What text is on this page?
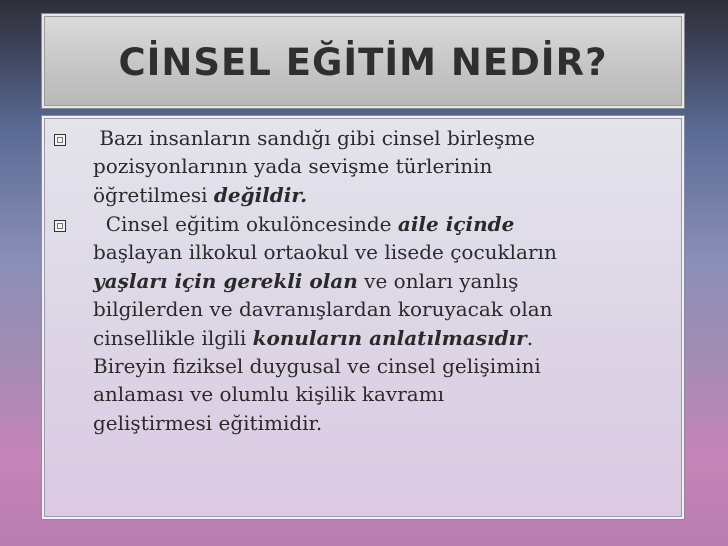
CİNSEL EĞİTİM NEDİR?

Bazı insanların sandığı gibi cinsel birleşme
pozisyonlarının yada sevişme türlerinin
öğretilmesi değildir.

Cinsel eğitim okulöncesinde aile içinde
başlayan ilkokul ortaokul ve lisede çocukların
yaşları için gerekli olan ve onları yanlış
bilgilerden ve davranışlardan koruyacak olan
cinsellikle ilgili konuların anlatılmasıdır.
Bireyin fiziksel duygusal ve cinsel gelişimini
anlaması ve olumlu kişilik kavramı
geliştirmesi eğitimidir.
